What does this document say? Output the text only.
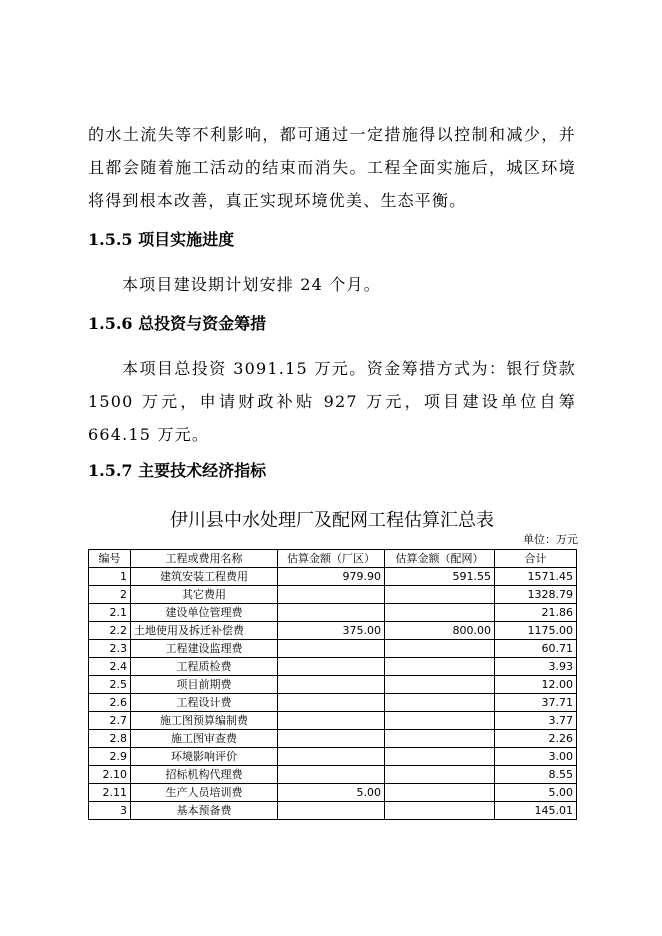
的水土流失等不利影响，都可通过一定措施得以控制和减少，并且都会随着施工活动的结束而消失。工程全面实施后，城区环境将得到根本改善，真正实现环境优美、生态平衡。

1.5.5 项目实施进度

本项目建设期计划安排 24 个月。

1.5.6 总投资与资金筹措

本项目总投资 3091.15 万元。资金筹措方式为：银行贷款 1500 万元，申请财政补贴 927 万元，项目建设单位自筹 664.15 万元。

1.5.7 主要技术经济指标
伊川县中水处理厂及配网工程估算汇总表
单位：万元
编号	工程或费用名称	估算金额（厂区）	估算金额（配网）	合计
1	建筑安装工程费用	979.90	591.55	1571.45
2	其它费用			1328.79
2.1	建设单位管理费			21.86
2.2	土地使用及拆迁补偿费	375.00	800.00	1175.00
2.3	工程建设监理费			60.71
2.4	工程质检费			3.93
2.5	项目前期费			12.00
2.6	工程设计费			37.71
2.7	施工图预算编制费			3.77
2.8	施工图审查费			2.26
2.9	环境影响评价			3.00
2.10	招标机构代理费			8.55
2.11	生产人员培训费	5.00		5.00
3	基本预备费			145.01
